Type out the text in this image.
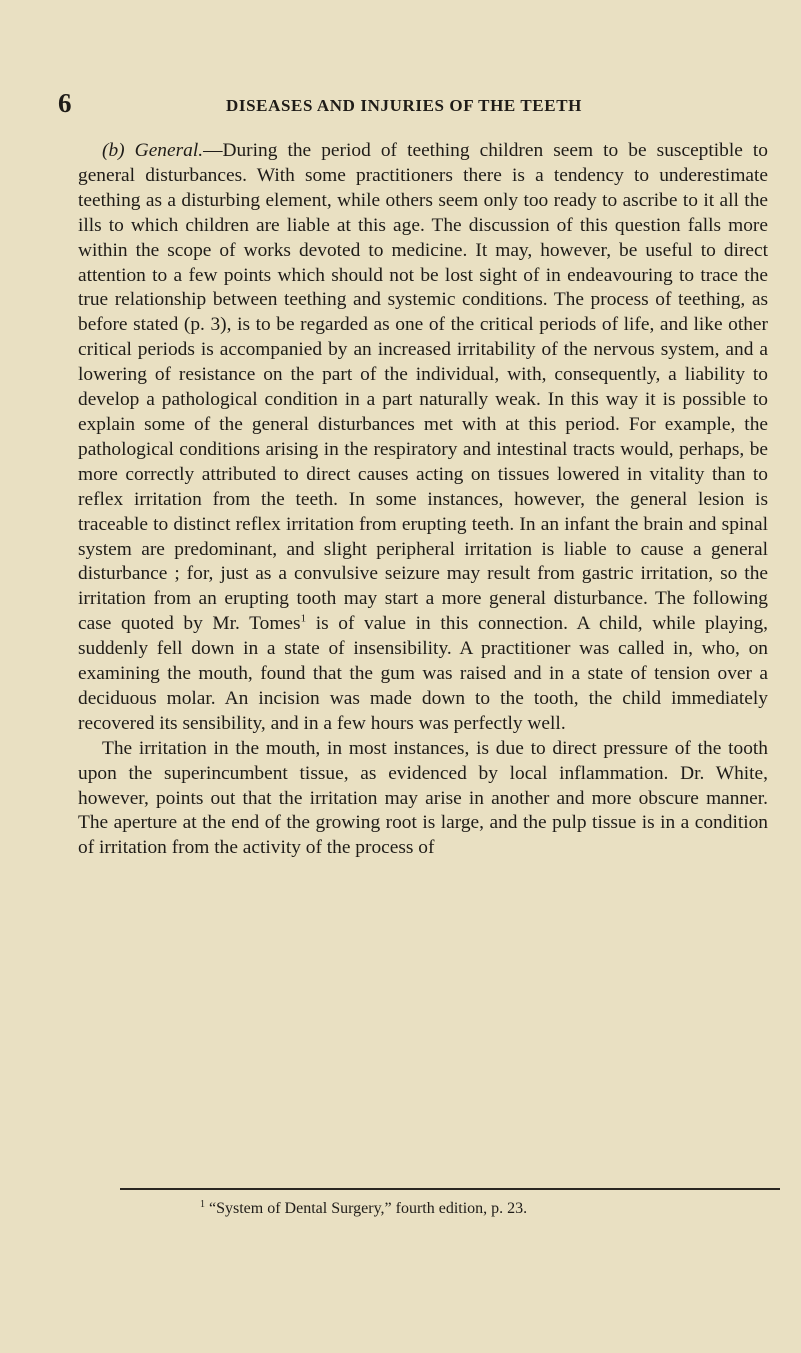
6	DISEASES AND INJURIES OF THE TEETH

(b) General.—During the period of teething children seem to be susceptible to general disturbances. With some practitioners there is a tendency to underestimate teething as a disturbing element, while others seem only too ready to ascribe to it all the ills to which children are liable at this age. The discussion of this question falls more within the scope of works devoted to medicine. It may, however, be useful to direct attention to a few points which should not be lost sight of in endeavouring to trace the true relationship between teething and systemic conditions. The process of teething, as before stated (p. 3), is to be regarded as one of the critical periods of life, and like other critical periods is accompanied by an increased irritability of the nervous system, and a lowering of resistance on the part of the individual, with, consequently, a liability to develop a pathological condition in a part naturally weak. In this way it is possible to explain some of the general disturbances met with at this period. For example, the pathological conditions arising in the respiratory and intestinal tracts would, perhaps, be more correctly attributed to direct causes acting on tissues lowered in vitality than to reflex irritation from the teeth. In some instances, however, the general lesion is traceable to distinct reflex irritation from erupting teeth. In an infant the brain and spinal system are predominant, and slight peripheral irritation is liable to cause a general disturbance ; for, just as a convulsive seizure may result from gastric irritation, so the irritation from an erupting tooth may start a more general disturbance. The following case quoted by Mr. Tomes$^1$ is of value in this connection. A child, while playing, suddenly fell down in a state of insensibility. A practitioner was called in, who, on examining the mouth, found that the gum was raised and in a state of tension over a deciduous molar. An incision was made down to the tooth, the child immediately recovered its sensibility, and in a few hours was perfectly well.

The irritation in the mouth, in most instances, is due to direct pressure of the tooth upon the superincumbent tissue, as evidenced by local inflammation. Dr. White, however, points out that the irritation may arise in another and more obscure manner. The aperture at the end of the growing root is large, and the pulp tissue is in a condition of irritation from the activity of the process of

$^1$ “System of Dental Surgery,” fourth edition, p. 23.
